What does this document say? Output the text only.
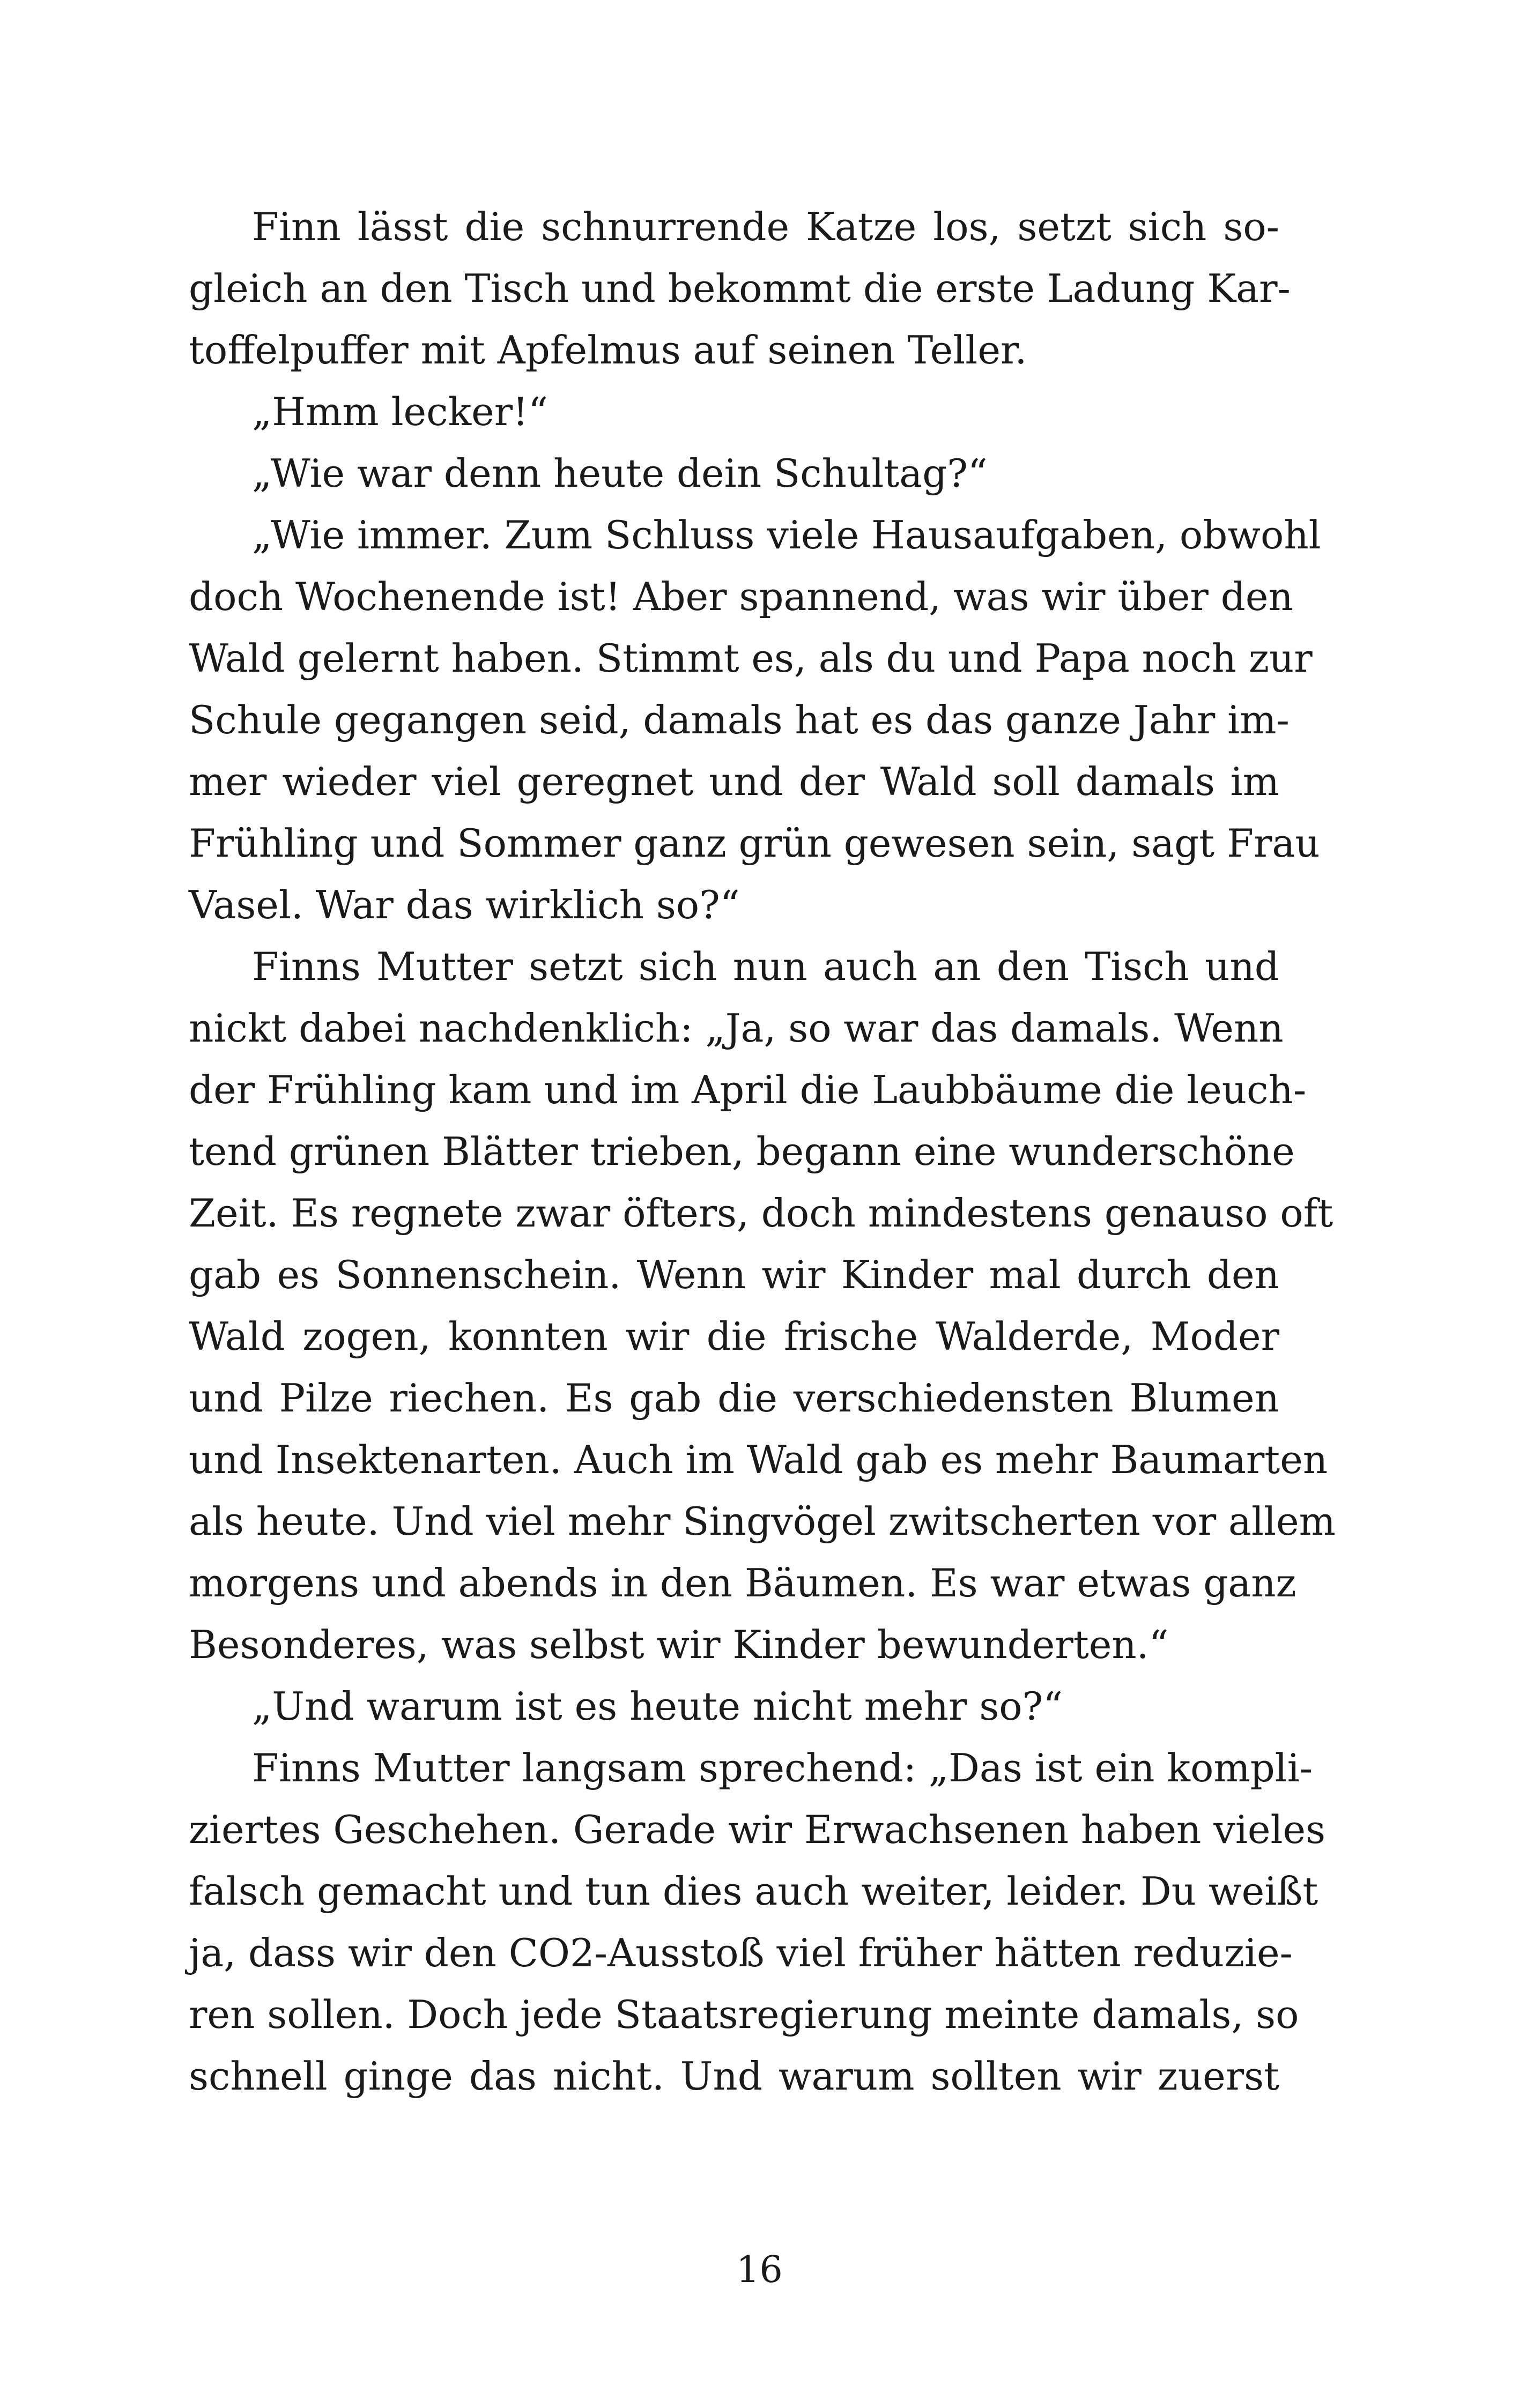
Finn lässt die schnurrende Katze los, setzt sich so-
gleich an den Tisch und bekommt die erste Ladung Kar-
toffelpuffer mit Apfelmus auf seinen Teller.
„Hmm lecker!“
„Wie war denn heute dein Schultag?“
„Wie immer. Zum Schluss viele Hausaufgaben, obwohl
doch Wochenende ist! Aber spannend, was wir über den
Wald gelernt haben. Stimmt es, als du und Papa noch zur
Schule gegangen seid, damals hat es das ganze Jahr im-
mer wieder viel geregnet und der Wald soll damals im
Frühling und Sommer ganz grün gewesen sein, sagt Frau
Vasel. War das wirklich so?“
Finns Mutter setzt sich nun auch an den Tisch und
nickt dabei nachdenklich: „Ja, so war das damals. Wenn
der Frühling kam und im April die Laubbäume die leuch-
tend grünen Blätter trieben, begann eine wunderschöne
Zeit. Es regnete zwar öfters, doch mindestens genauso oft
gab es Sonnenschein. Wenn wir Kinder mal durch den
Wald zogen, konnten wir die frische Walderde, Moder
und Pilze riechen. Es gab die verschiedensten Blumen
und Insektenarten. Auch im Wald gab es mehr Baumarten
als heute. Und viel mehr Singvögel zwitscherten vor allem
morgens und abends in den Bäumen. Es war etwas ganz
Besonderes, was selbst wir Kinder bewunderten.“
„Und warum ist es heute nicht mehr so?“
Finns Mutter langsam sprechend: „Das ist ein kompli-
ziertes Geschehen. Gerade wir Erwachsenen haben vieles
falsch gemacht und tun dies auch weiter, leider. Du weißt
ja, dass wir den CO2-Ausstoß viel früher hätten reduzie-
ren sollen. Doch jede Staatsregierung meinte damals, so
schnell ginge das nicht. Und warum sollten wir zuerst
16
